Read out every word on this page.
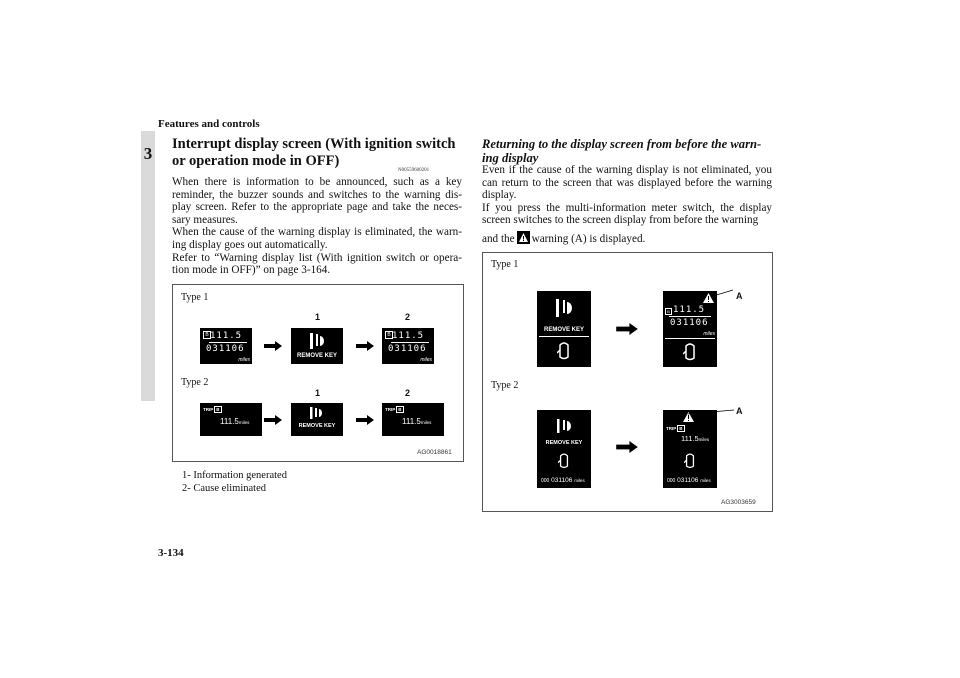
Features and controls
3 Interrupt display screen (With ignition switch or operation mode in OFF)
N00559600201

When there is information to be announced, such as a key reminder, the buzzer sounds and switches to the warning dis-play screen. Refer to the appropriate page and take the neces-sary measures.

When the cause of the warning display is eliminated, the warn-ing display goes out automatically.

Refer to “Warning display list (With ignition switch or opera-tion mode in OFF)” on page 3-164.

Type 1
Type 2
1	2
1	2
B 111.5
031106
miles
REMOVE KEY
B 111.5
031106
miles
TRIP B
111.5miles
REMOVE KEY
TRIP B
111.5miles
AG0018861
1- Information generated
2- Cause eliminated
Returning to the display screen from before the warn-ing display

Even if the cause of the warning display is not eliminated, you can return to the screen that was displayed before the warning display.

If you press the multi-information meter switch, the display screen switches to the screen display from before the warning

and the warning (A) is displayed.

Type 1
Type 2
REMOVE KEY
B 111.5
031106
miles
A
REMOVE KEY
000 031106 miles
TRIP B
111.5miles
000 031106 miles
A
AG3003659
3-134
